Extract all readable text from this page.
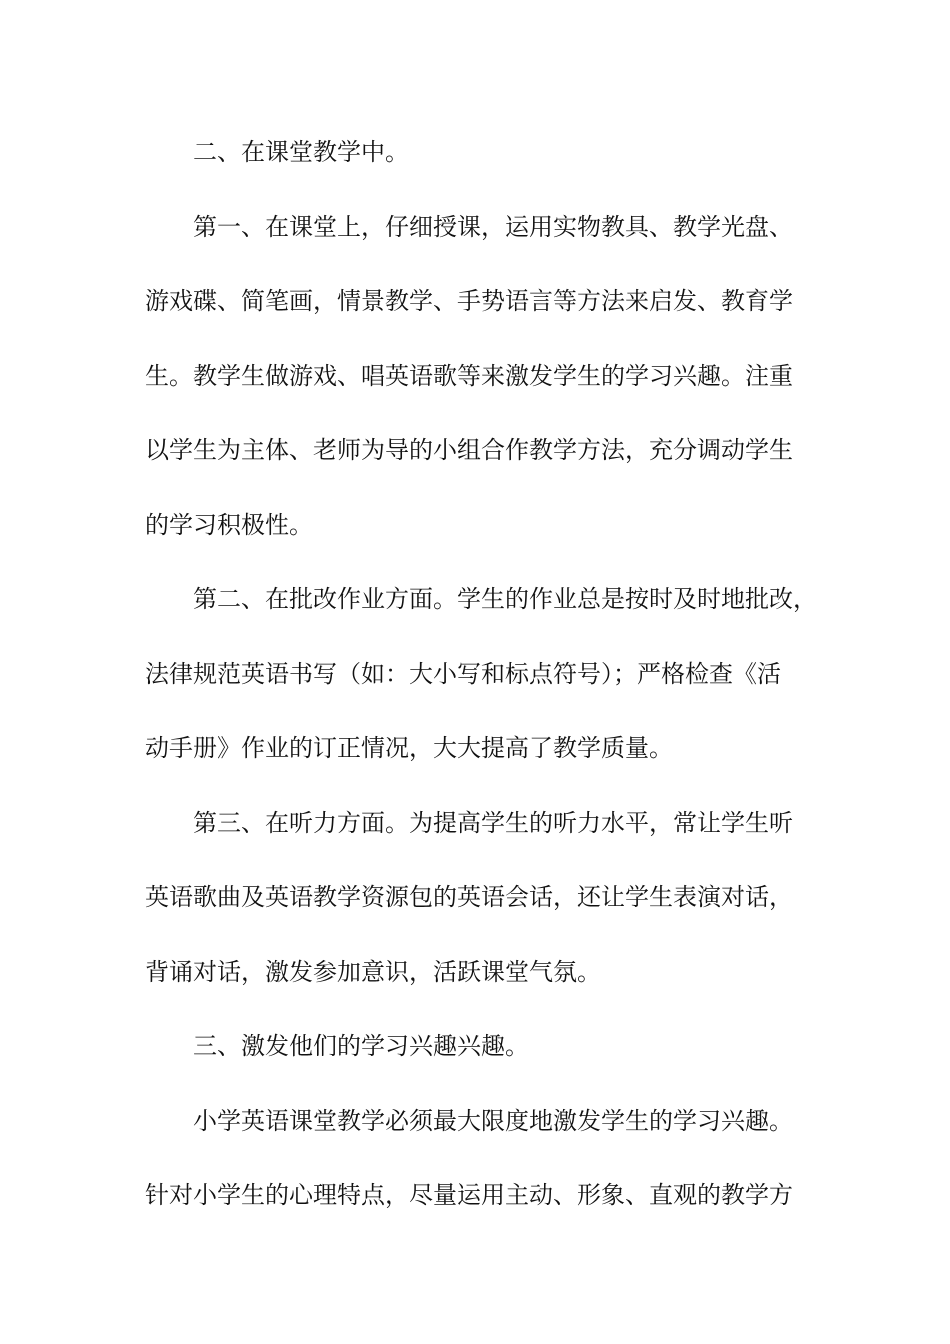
二、在课堂教学中。
第一、在课堂上，仔细授课，运用实物教具、教学光盘、
游戏碟、简笔画，情景教学、手势语言等方法来启发、教育学
生。教学生做游戏、唱英语歌等来激发学生的学习兴趣。注重
以学生为主体、老师为导的小组合作教学方法，充分调动学生
的学习积极性。
第二、在批改作业方面。学生的作业总是按时及时地批改，
法律规范英语书写（如：大小写和标点符号）；严格检查《活
动手册》作业的订正情况，大大提高了教学质量。
第三、在听力方面。为提高学生的听力水平，常让学生听
英语歌曲及英语教学资源包的英语会话，还让学生表演对话，
背诵对话，激发参加意识，活跃课堂气氛。
三、激发他们的学习兴趣兴趣。
小学英语课堂教学必须最大限度地激发学生的学习兴趣。
针对小学生的心理特点，尽量运用主动、形象、直观的教学方
